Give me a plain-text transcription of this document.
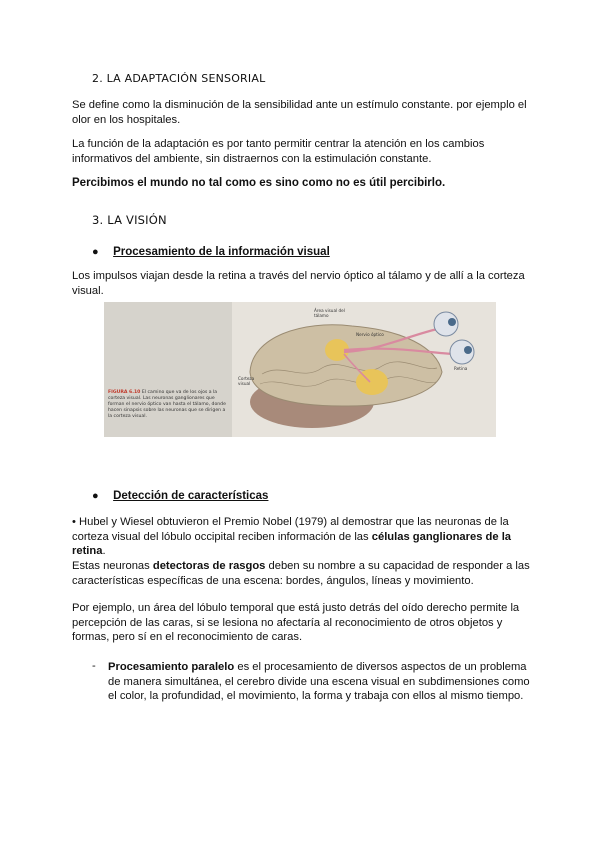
2. LA ADAPTACIÓN SENSORIAL
Se define como la disminución de la sensibilidad ante un estímulo constante. por ejemplo el olor en los hospitales.
La función de la adaptación es por tanto permitir centrar la atención en los cambios informativos del ambiente, sin distraernos con la estimulación constante.
Percibimos el mundo no tal como es sino como no es útil percibirlo.
3. LA VISIÓN
● Procesamiento de la información visual
Los impulsos viajan desde la retina a través del nervio óptico al tálamo y de allí a la corteza visual.
FIGURA 6.10 El camino que va de los ojos a la corteza visual. Las neuronas ganglionares que forman el nervio óptico van hasta el tálamo, donde hacen sinapsis sobre las neuronas que se dirigen a la corteza visual.
Área visual del tálamo
Nervio óptico
Retina
Corteza visual
● Detección de características
• Hubel y Wiesel obtuvieron el Premio Nobel (1979) al demostrar que las neuronas de la corteza visual del lóbulo occipital reciben información de las células ganglionares de la retina.
Estas neuronas detectoras de rasgos deben su nombre a su capacidad de responder a las características específicas de una escena: bordes, ángulos, líneas y movimiento.
Por ejemplo, un área del lóbulo temporal que está justo detrás del oído derecho permite la percepción de las caras, si se lesiona no afectaría al reconocimiento de otros objetos y formas, pero sí en el reconocimiento de caras.
- Procesamiento paralelo es el procesamiento de diversos aspectos de un problema de manera simultánea, el cerebro divide una escena visual en subdimensiones como el color, la profundidad, el movimiento, la forma y trabaja con ellos al mismo tiempo.
